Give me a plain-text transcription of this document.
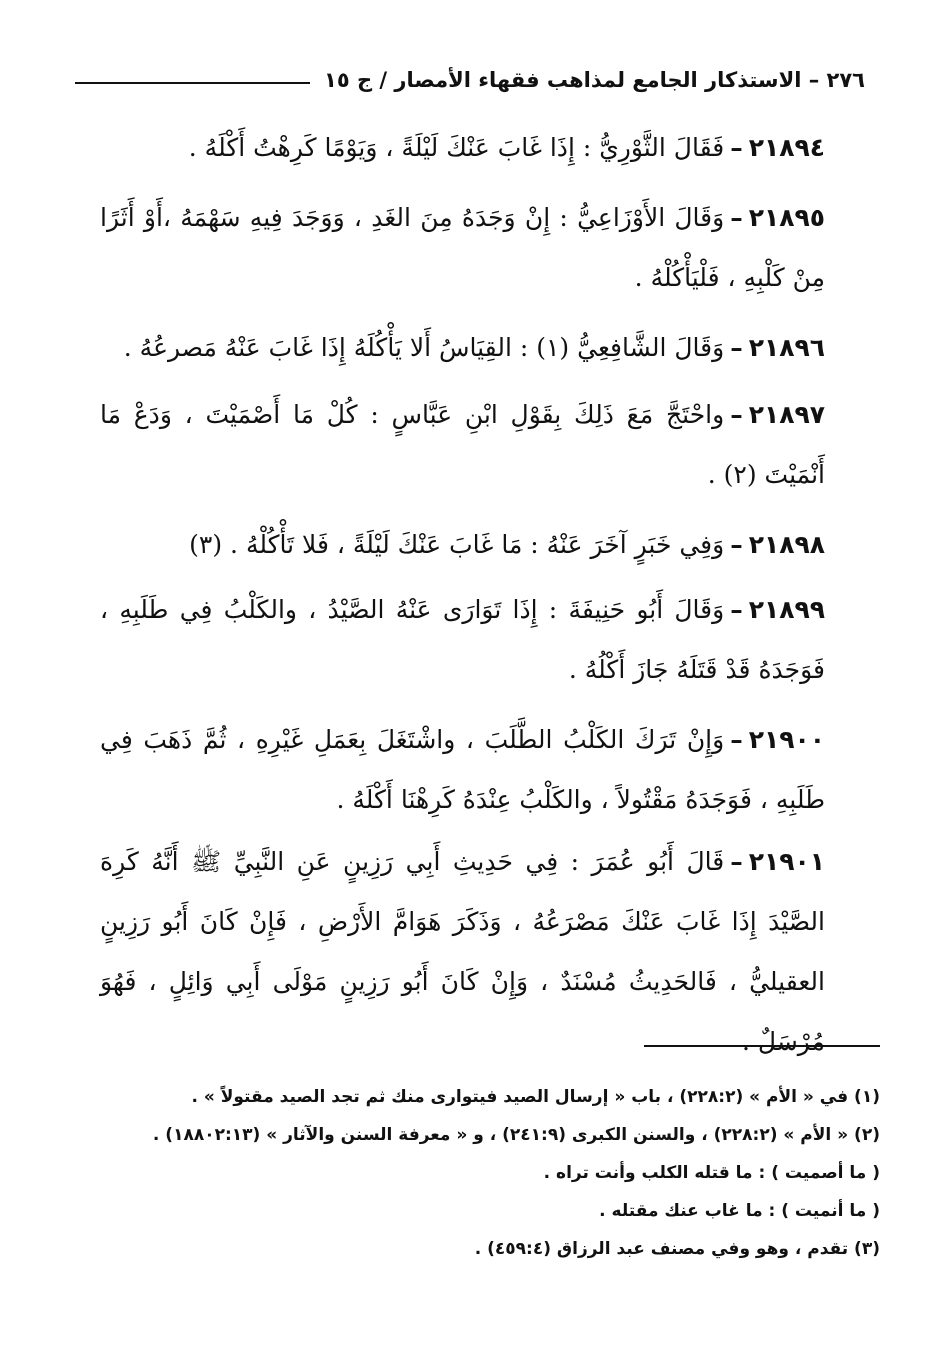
٢٧٦ – الاستذكار الجامع لمذاهب فقهاء الأمصار / ج ١٥

٢١٨٩٤–فَقَالَ الثَّوْرِيُّ : إِذَا غَابَ عَنْكَ لَيْلَةً ، وَيَوْمًا كَرِهْتُ أَكْلَهُ .

٢١٨٩٥–وَقَالَ الأَوْزَاعِيُّ : إِنْ وَجَدَهُ مِنَ الغَدِ ، وَوَجَدَ فِيهِ سَهْمَهُ ،أَوْ أَثَرًا مِنْ كَلْبِهِ ، فَلْيَأْكُلْهُ .

٢١٨٩٦–وَقَالَ الشَّافِعِيُّ (١) : القِيَاسُ أَلا يَأْكُلَهُ إِذَا غَابَ عَنْهُ مَصرعُهُ .

٢١٨٩٧–واحْتَجَّ مَعَ ذَلِكَ بِقَوْلِ ابْنِ عَبَّاسٍ : كُلْ مَا أَصْمَيْتَ ، وَدَعْ مَا أَنْمَيْتَ (٢) .

٢١٨٩٨–وَفِي خَبَرٍ آخَرَ عَنْهُ : مَا غَابَ عَنْكَ لَيْلَةً ، فَلا تَأْكُلْهُ . (٣)

٢١٨٩٩–وَقَالَ أَبُو حَنِيفَةَ : إِذَا تَوَارَى عَنْهُ الصَّيْدُ ، والكَلْبُ فِي طَلَبِهِ ، فَوَجَدَهُ قَدْ قَتَلَهُ جَازَ أَكْلُهُ .

٢١٩٠٠–وَإِنْ تَرَكَ الكَلْبُ الطَّلَبَ ، واشْتَغَلَ بِعَمَلِ غَيْرِهِ ، ثُمَّ ذَهَبَ فِي طَلَبِهِ ، فَوَجَدَهُ مَقْتُولاً ، والكَلْبُ عِنْدَهُ كَرِهْنَا أَكْلَهُ .

٢١٩٠١–قَالَ أَبُو عُمَرَ : فِي حَدِيثِ أَبِي رَزِينٍ عَنِ النَّبِيِّ ﷺ أَنَّهُ كَرِهَ الصَّيْدَ إِذَا غَابَ عَنْكَ مَصْرَعُهُ ، وَذَكَرَ هَوَامَّ الأَرْضِ ، فَإِنْ كَانَ أَبُو رَزِينٍ العقيليُّ ، فَالحَدِيثُ مُسْنَدٌ ، وَإِنْ كَانَ أَبُو رَزِينٍ مَوْلَى أَبِي وَائِلٍ ، فَهُوَ مُرْسَلٌ .

(١) في « الأم » (٢٢٨:٢) ، باب « إرسال الصيد فيتوارى منك ثم تجد الصيد مقتولاً » .
(٢) « الأم » (٢٢٨:٢) ، والسنن الكبرى (٢٤١:٩) ، و « معرفة السنن والآثار » (١٨٨٠٢:١٣) .
( ما أصميت ) : ما قتله الكلب وأنت تراه .
( ما أنميت ) : ما غاب عنك مقتله .
(٣) تقدم ، وهو وفي مصنف عبد الرزاق (٤٥٩:٤) .
